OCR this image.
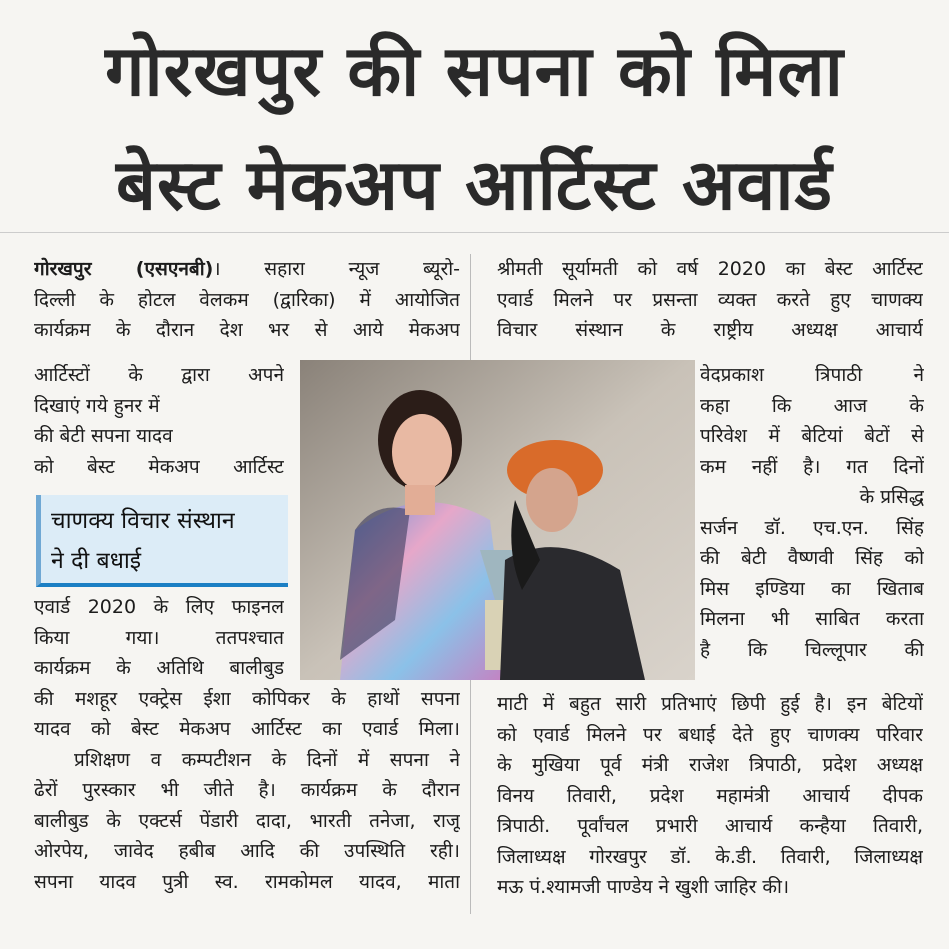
गोरखपुर की सपना को मिला
बेस्ट मेकअप आर्टिस्ट अवार्ड
गोरखपुर (एसएनबी)। सहारा न्यूज ब्यूरो-
दिल्ली के होटल वेलकम (द्वारिका) में आयोजित
कार्यक्रम के दौरान देश भर से आये मेकअप
आर्टिस्टों के द्वारा अपने
दिखाएं गये हुनर में
की बेटी सपना यादव
को बेस्ट मेकअप आर्टिस्ट
चाणक्य विचार संस्थान
ने दी बधाई
एवार्ड 2020 के लिए फाइनल
किया गया। ततपश्चात
कार्यक्रम के अतिथि बालीबुड
की मशहूर एक्ट्रेस ईशा कोपिकर के हाथों सपना
यादव को बेस्ट मेकअप आर्टिस्ट का एवार्ड मिला।
प्रशिक्षण व कम्पटीशन के दिनों में सपना ने
ढेरों पुरस्कार भी जीते है। कार्यक्रम के दौरान
बालीबुड के एक्टर्स पेंडारी दादा, भारती तनेजा, राजू
ओरपेय, जावेद हबीब आदि की उपस्थिति रही।
सपना यादव पुत्री स्व. रामकोमल यादव, माता
श्रीमती सूर्यामती को वर्ष 2020 का बेस्ट आर्टिस्ट
एवार्ड मिलने पर प्रसन्ता व्यक्त करते हुए चाणक्य
विचार संस्थान के राष्ट्रीय अध्यक्ष आचार्य
वेदप्रकाश त्रिपाठी ने
कहा कि आज के
परिवेश में बेटियां बेटों से
कम नहीं है। गत दिनों
के प्रसिद्ध
सर्जन डॉ. एच.एन. सिंह
की बेटी वैष्णवी सिंह को
मिस इण्डिया का खिताब
मिलना भी साबित करता
है कि चिल्लूपार की
माटी में बहुत सारी प्रतिभाएं छिपी हुई है। इन बेटियों
को एवार्ड मिलने पर बधाई देते हुए चाणक्य परिवार
के मुखिया पूर्व मंत्री राजेश त्रिपाठी, प्रदेश अध्यक्ष
विनय तिवारी, प्रदेश महामंत्री आचार्य दीपक
त्रिपाठी. पूर्वांचल प्रभारी आचार्य कन्हैया तिवारी,
जिलाध्यक्ष गोरखपुर डॉ. के.डी. तिवारी, जिलाध्यक्ष
मऊ पं.श्यामजी पाण्डेय ने खुशी जाहिर की।
